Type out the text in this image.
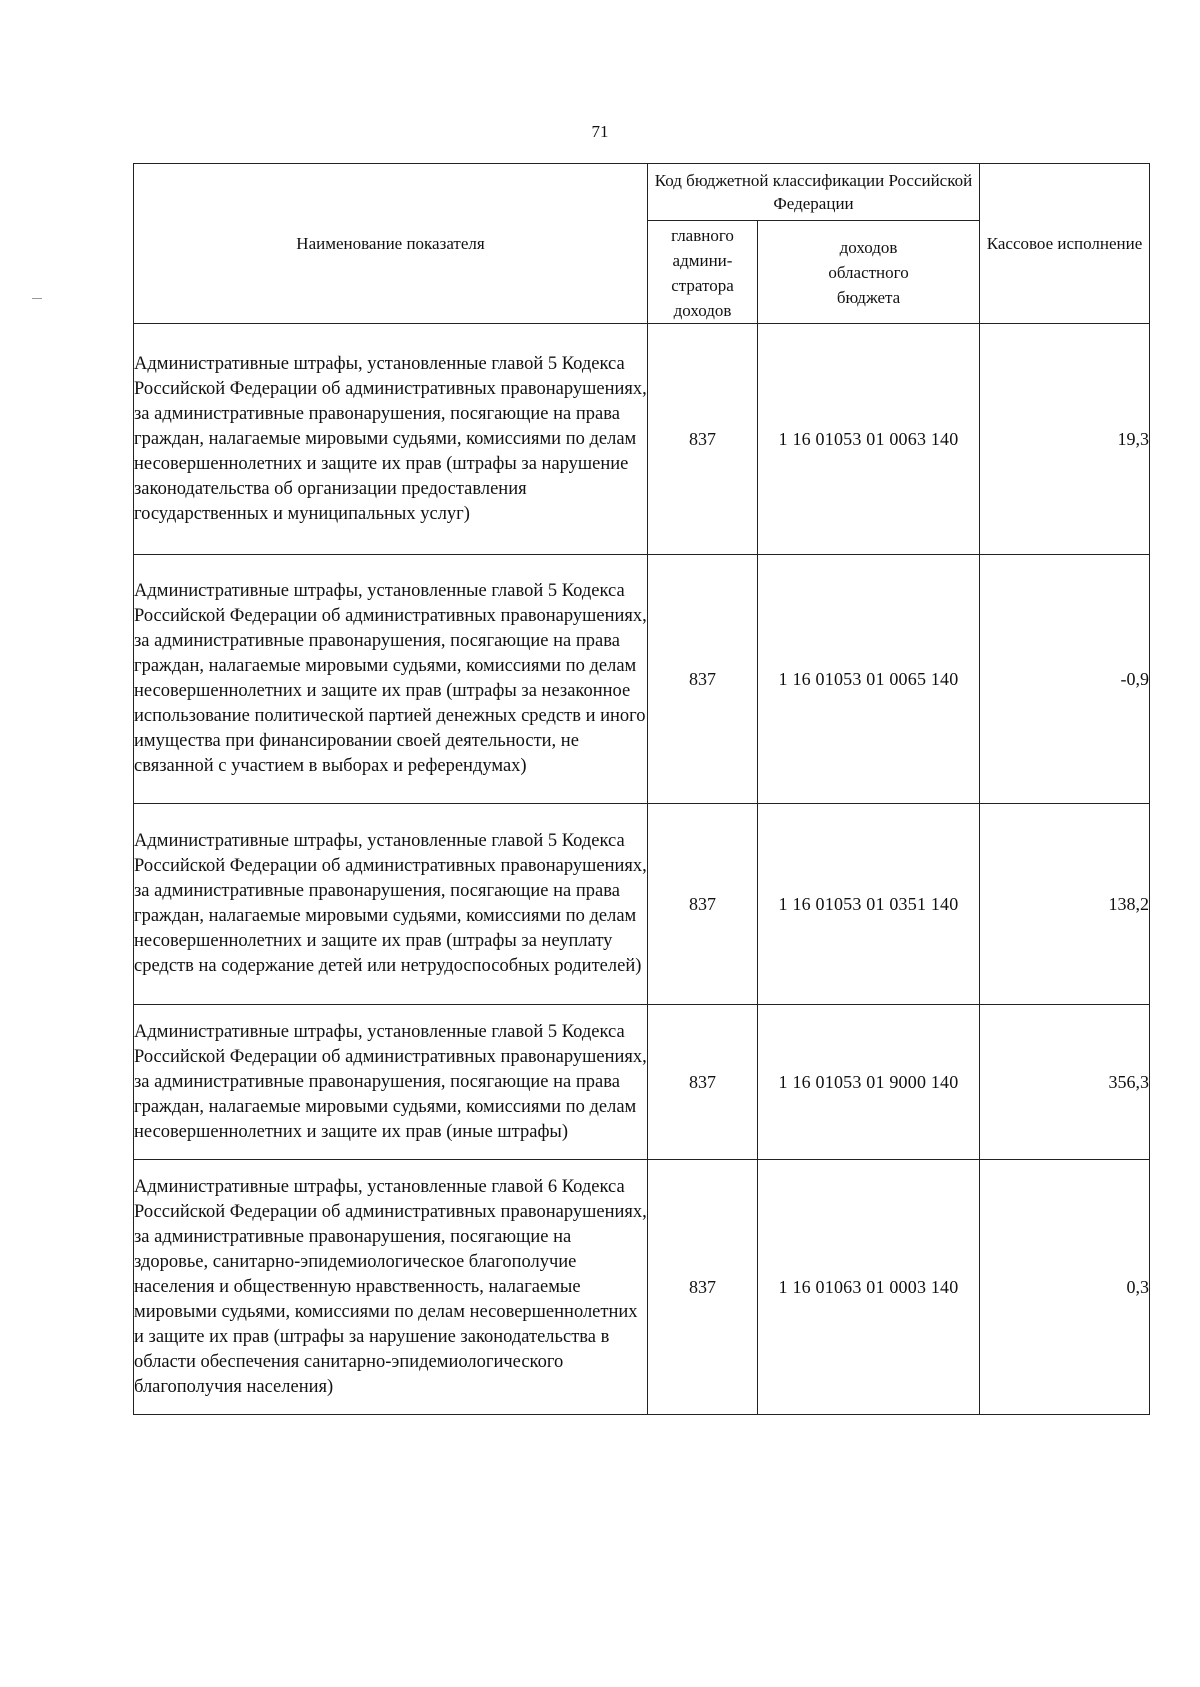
71
Наименование показателя	Код бюджетной классификации Российской Федерации		Кассовое исполнение

	главного
админи-
стратора
доходов	доходов областного бюджета	
Административные штрафы, установленные главой 5 Кодекса Российской Федерации об административных правонарушениях, за административные правонарушения, посягающие на права граждан, налагаемые мировыми судьями, комиссиями по делам несовершеннолетних и защите их прав (штрафы за нарушение законодательства об организации предоставления государственных и муниципальных услуг)	837	1 16 01053 01 0063 140	19,3
Административные штрафы, установленные главой 5 Кодекса Российской Федерации об административных правонарушениях, за административные правонарушения, посягающие на права граждан, налагаемые мировыми судьями, комиссиями по делам несовершеннолетних и защите их прав (штрафы за незаконное использование политической партией денежных средств и иного имущества при финансировании своей деятельности, не связанной с участием в выборах и референдумах)	837	1 16 01053 01 0065 140	-0,9
Административные штрафы, установленные главой 5 Кодекса Российской Федерации об административных правонарушениях, за административные правонарушения, посягающие на права граждан, налагаемые мировыми судьями, комиссиями по делам несовершеннолетних и защите их прав (штрафы за неуплату средств на содержание детей или нетрудоспособных родителей)	837	1 16 01053 01 0351 140	138,2
Административные штрафы, установленные главой 5 Кодекса Российской Федерации об административных правонарушениях, за административные правонарушения, посягающие на права граждан, налагаемые мировыми судьями, комиссиями по делам несовершеннолетних и защите их прав (иные штрафы)	837	1 16 01053 01 9000 140	356,3
Административные штрафы, установленные главой 6 Кодекса Российской Федерации об административных правонарушениях, за административные правонарушения, посягающие на здоровье, санитарно-эпидемиологическое благополучие населения и общественную нравственность, налагаемые мировыми судьями, комиссиями по делам несовершеннолетних и защите их прав (штрафы за нарушение законодательства в области обеспечения санитарно-эпидемиологического благополучия населения)	837	1 16 01063 01 0003 140	0,3
